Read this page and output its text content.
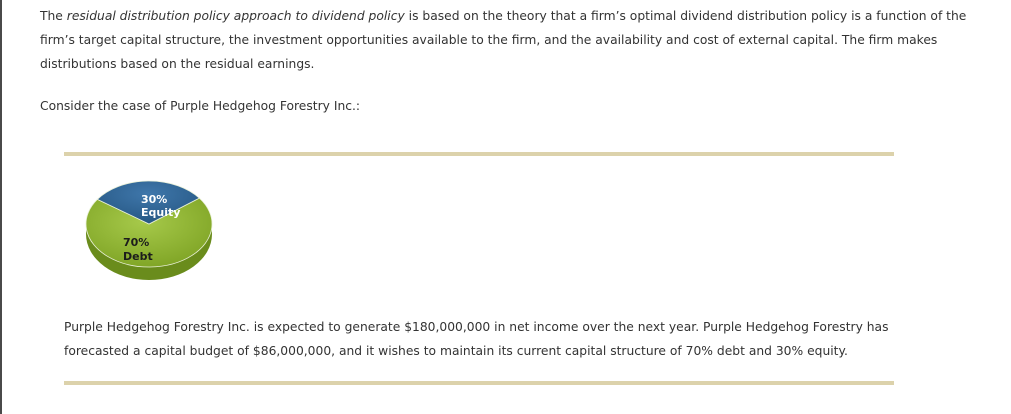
The residual distribution policy approach to dividend policy is based on the theory that a firm’s optimal dividend distribution policy is a function of the firm’s target capital structure, the investment opportunities available to the firm, and the availability and cost of external capital. The firm makes distributions based on the residual earnings.

Consider the case of Purple Hedgehog Forestry Inc.:

30%
Equity
70%
Debt

Purple Hedgehog Forestry Inc. is expected to generate $180,000,000 in net income over the next year. Purple Hedgehog Forestry has forecasted a capital budget of $86,000,000, and it wishes to maintain its current capital structure of 70% debt and 30% equity.
